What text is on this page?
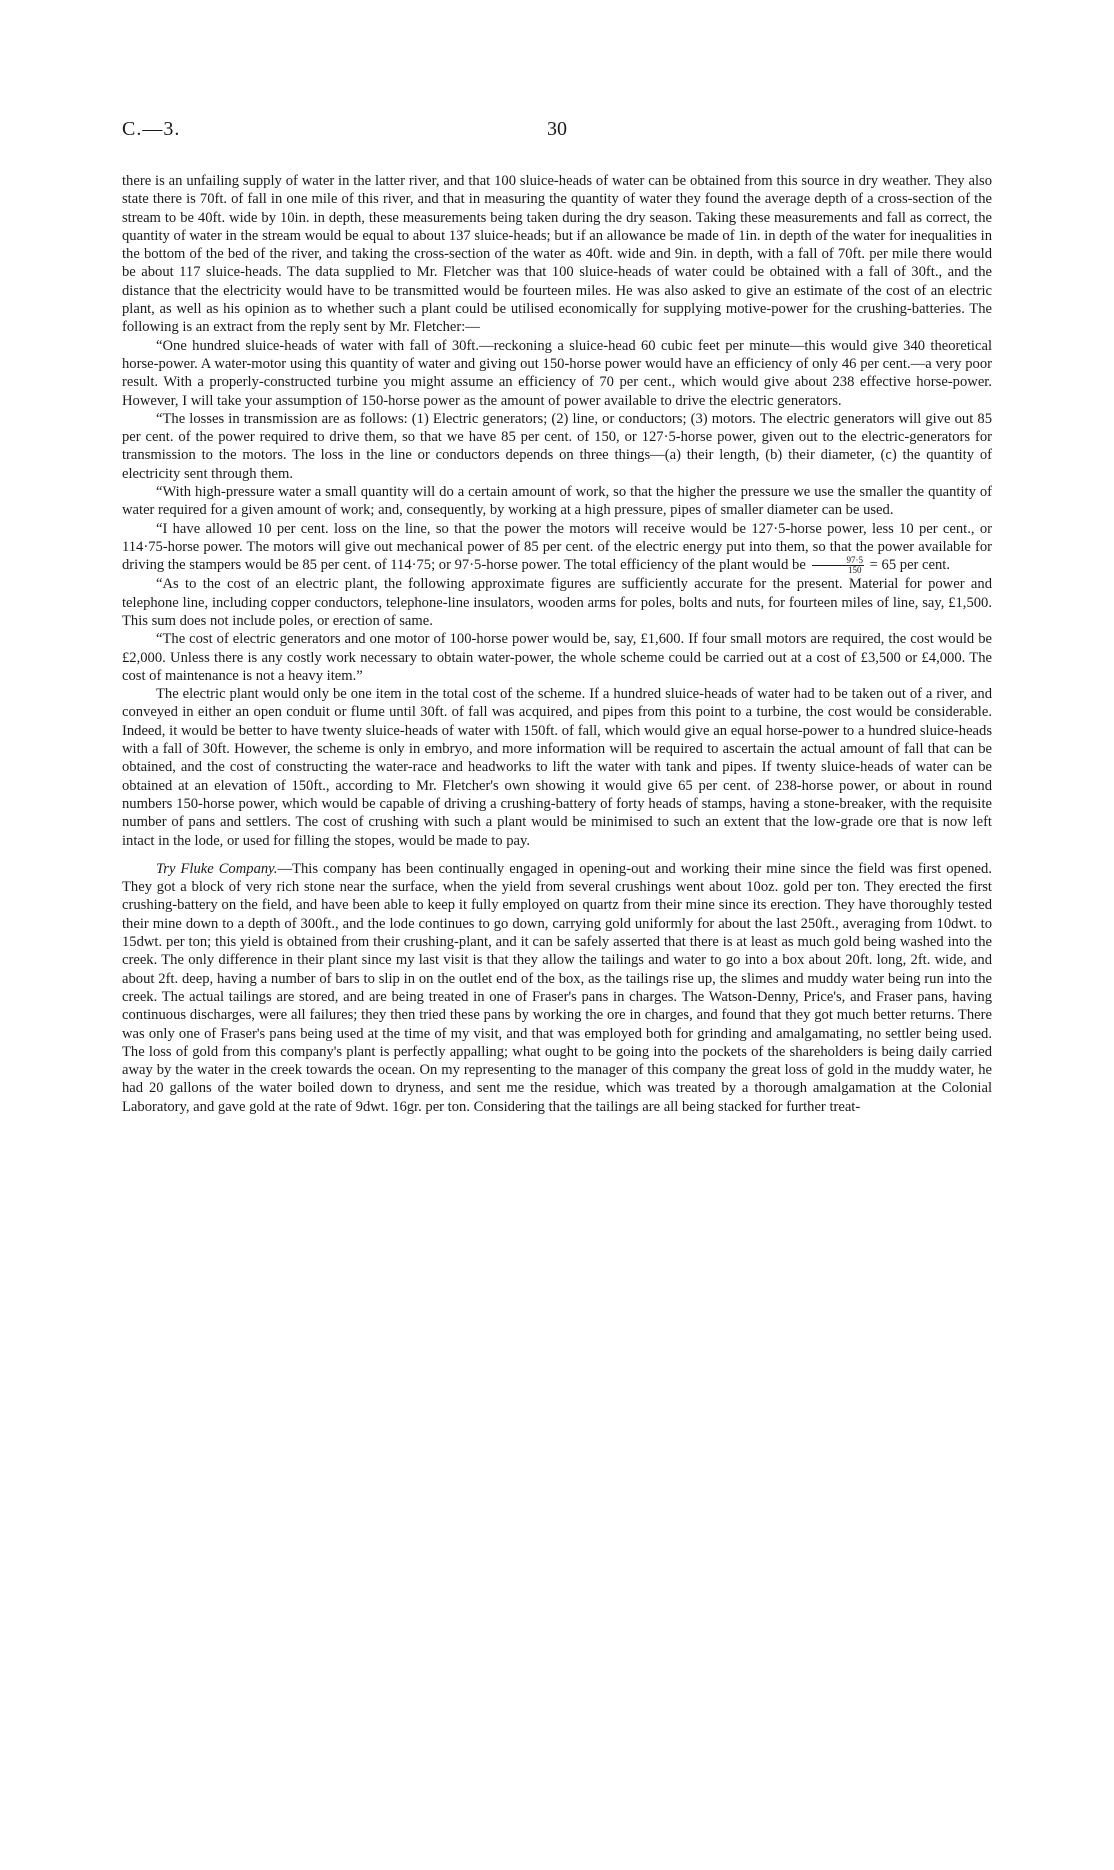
C.—3.	30

there is an unfailing supply of water in the latter river, and that 100 sluice-heads of water can be obtained from this source in dry weather. They also state there is 70ft. of fall in one mile of this river, and that in measuring the quantity of water they found the average depth of a cross-section of the stream to be 40ft. wide by 10in. in depth, these measurements being taken during the dry season. Taking these measurements and fall as correct, the quantity of water in the stream would be equal to about 137 sluice-heads; but if an allowance be made of 1in. in depth of the water for inequalities in the bottom of the bed of the river, and taking the cross-section of the water as 40ft. wide and 9in. in depth, with a fall of 70ft. per mile there would be about 117 sluice-heads. The data supplied to Mr. Fletcher was that 100 sluice-heads of water could be obtained with a fall of 30ft., and the distance that the electricity would have to be transmitted would be fourteen miles. He was also asked to give an estimate of the cost of an electric plant, as well as his opinion as to whether such a plant could be utilised economically for supplying motive-power for the crushing-batteries. The following is an extract from the reply sent by Mr. Fletcher:—

“One hundred sluice-heads of water with fall of 30ft.—reckoning a sluice-head 60 cubic feet per minute—this would give 340 theoretical horse-power. A water-motor using this quantity of water and giving out 150-horse power would have an efficiency of only 46 per cent.—a very poor result. With a properly-constructed turbine you might assume an efficiency of 70 per cent., which would give about 238 effective horse-power. However, I will take your assumption of 150-horse power as the amount of power available to drive the electric generators.

“The losses in transmission are as follows: (1) Electric generators; (2) line, or conductors; (3) motors. The electric generators will give out 85 per cent. of the power required to drive them, so that we have 85 per cent. of 150, or 127·5-horse power, given out to the electric-generators for transmission to the motors. The loss in the line or conductors depends on three things—(a) their length, (b) their diameter, (c) the quantity of electricity sent through them.

“With high-pressure water a small quantity will do a certain amount of work, so that the higher the pressure we use the smaller the quantity of water required for a given amount of work; and, consequently, by working at a high pressure, pipes of smaller diameter can be used.

“I have allowed 10 per cent. loss on the line, so that the power the motors will receive would be 127·5-horse power, less 10 per cent., or 114·75-horse power. The motors will give out mechanical power of 85 per cent. of the electric energy put into them, so that the power available for driving the stampers would be 85 per cent. of 114·75; or 97·5-horse power. The total efficiency of the plant would be $\frac{97\cdot 5}{150} = 65$ per cent.

“As to the cost of an electric plant, the following approximate figures are sufficiently accurate for the present. Material for power and telephone line, including copper conductors, telephone-line insulators, wooden arms for poles, bolts and nuts, for fourteen miles of line, say, £1,500. This sum does not include poles, or erection of same.

“The cost of electric generators and one motor of 100-horse power would be, say, £1,600. If four small motors are required, the cost would be £2,000. Unless there is any costly work necessary to obtain water-power, the whole scheme could be carried out at a cost of £3,500 or £4,000. The cost of maintenance is not a heavy item.”

The electric plant would only be one item in the total cost of the scheme. If a hundred sluice-heads of water had to be taken out of a river, and conveyed in either an open conduit or flume until 30ft. of fall was acquired, and pipes from this point to a turbine, the cost would be considerable. Indeed, it would be better to have twenty sluice-heads of water with 150ft. of fall, which would give an equal horse-power to a hundred sluice-heads with a fall of 30ft. However, the scheme is only in embryo, and more information will be required to ascertain the actual amount of fall that can be obtained, and the cost of constructing the water-race and headworks to lift the water with tank and pipes. If twenty sluice-heads of water can be obtained at an elevation of 150ft., according to Mr. Fletcher's own showing it would give 65 per cent. of 238-horse power, or about in round numbers 150-horse power, which would be capable of driving a crushing-battery of forty heads of stamps, having a stone-breaker, with the requisite number of pans and settlers. The cost of crushing with such a plant would be minimised to such an extent that the low-grade ore that is now left intact in the lode, or used for filling the stopes, would be made to pay.

Try Fluke Company.—This company has been continually engaged in opening-out and working their mine since the field was first opened. They got a block of very rich stone near the surface, when the yield from several crushings went about 10oz. gold per ton. They erected the first crushing-battery on the field, and have been able to keep it fully employed on quartz from their mine since its erection. They have thoroughly tested their mine down to a depth of 300ft., and the lode continues to go down, carrying gold uniformly for about the last 250ft., averaging from 10dwt. to 15dwt. per ton; this yield is obtained from their crushing-plant, and it can be safely asserted that there is at least as much gold being washed into the creek. The only difference in their plant since my last visit is that they allow the tailings and water to go into a box about 20ft. long, 2ft. wide, and about 2ft. deep, having a number of bars to slip in on the outlet end of the box, as the tailings rise up, the slimes and muddy water being run into the creek. The actual tailings are stored, and are being treated in one of Fraser's pans in charges. The Watson-Denny, Price's, and Fraser pans, having continuous discharges, were all failures; they then tried these pans by working the ore in charges, and found that they got much better returns. There was only one of Fraser's pans being used at the time of my visit, and that was employed both for grinding and amalgamating, no settler being used. The loss of gold from this company's plant is perfectly appalling; what ought to be going into the pockets of the shareholders is being daily carried away by the water in the creek towards the ocean. On my representing to the manager of this company the great loss of gold in the muddy water, he had 20 gallons of the water boiled down to dryness, and sent me the residue, which was treated by a thorough amalgamation at the Colonial Laboratory, and gave gold at the rate of 9dwt. 16gr. per ton. Considering that the tailings are all being stacked for further treat-
